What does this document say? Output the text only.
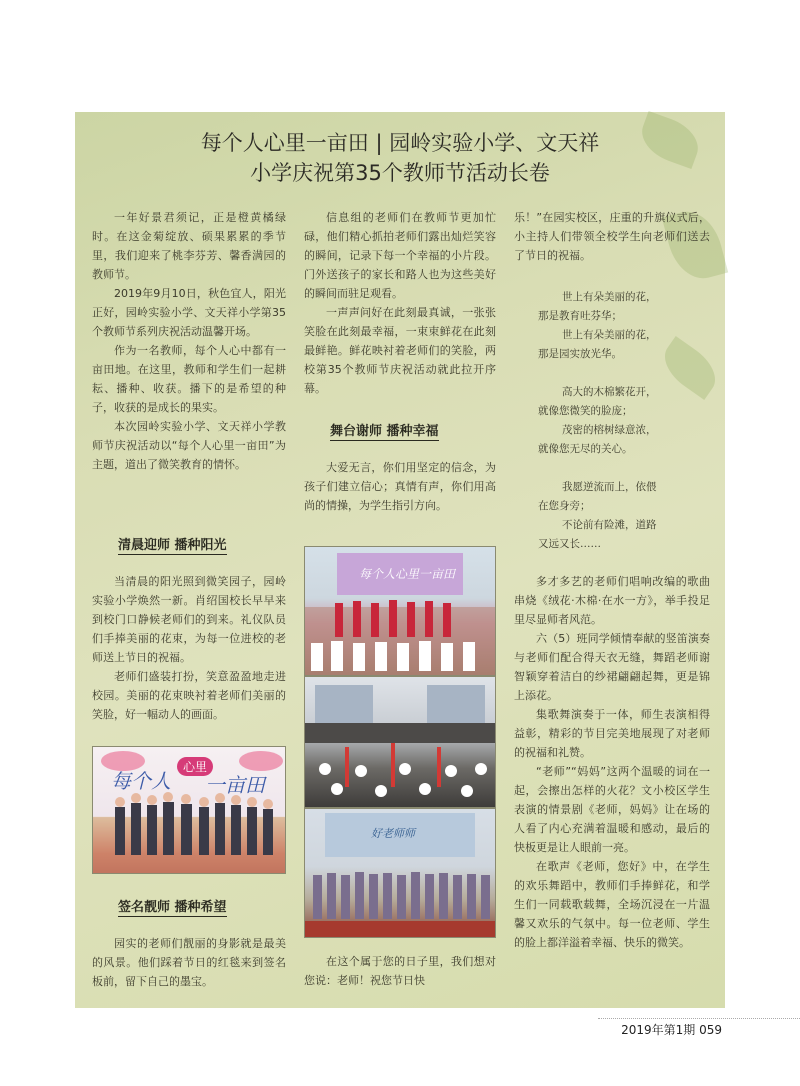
每个人心里一亩田 | 园岭实验小学、文天祥
小学庆祝第35个教师节活动长卷

一年好景君须记，正是橙黄橘绿时。在这金菊绽放、硕果累累的季节里，我们迎来了桃李芬芳、馨香满园的教师节。

2019年9月10日，秋色宜人，阳光正好，园岭实验小学、文天祥小学第35个教师节系列庆祝活动温馨开场。

作为一名教师，每个人心中都有一亩田地。在这里，教师和学生们一起耕耘、播种、收获。播下的是希望的种子，收获的是成长的果实。

本次园岭实验小学、文天祥小学教师节庆祝活动以“每个人心里一亩田”为主题，道出了微笑教育的情怀。

清晨迎师 播种阳光

当清晨的阳光照到微笑园子，园岭实验小学焕然一新。肖绍国校长早早来到校门口静候老师们的到来。礼仪队员们手捧美丽的花束，为每一位进校的老师送上节日的祝福。

老师们盛装打扮，笑意盈盈地走进校园。美丽的花束映衬着老师们美丽的笑脸，好一幅动人的画面。

每个人
心里
一亩田

签名靓师 播种希望

园实的老师们靓丽的身影就是最美的风景。他们踩着节日的红毯来到签名板前，留下自己的墨宝。

信息组的老师们在教师节更加忙碌，他们精心抓拍老师们露出灿烂笑容的瞬间，记录下每一个幸福的小片段。门外送孩子的家长和路人也为这些美好的瞬间而驻足观看。

一声声问好在此刻最真诚，一张张笑脸在此刻最幸福，一束束鲜花在此刻最鲜艳。鲜花映衬着老师们的笑脸，两校第35个教师节庆祝活动就此拉开序幕。

舞台谢师 播种幸福

大爱无言，你们用坚定的信念，为孩子们建立信心；真情有声，你们用高尚的情操，为学生指引方向。

每个人心里一亩田
好老师师

在这个属于您的日子里，我们想对您说：老师！祝您节日快

乐！”在园实校区，庄重的升旗仪式后，小主持人们带领全校学生向老师们送去了节日的祝福。

世上有朵美丽的花，
那是教育吐芬华；
世上有朵美丽的花，
那是园实放光华。

高大的木棉繁花开，
就像您微笑的脸庞；
茂密的榕树绿意浓，
就像您无尽的关心。

我愿逆流而上，依偎
在您身旁；
不论前有险滩，道路
又远又长……

多才多艺的老师们唱响改编的歌曲串烧《绒花·木棉·在水一方》，举手投足里尽显师者风范。

六（5）班同学倾情奉献的竖笛演奏与老师们配合得天衣无缝，舞蹈老师谢智颖穿着洁白的纱裙翩翩起舞，更是锦上添花。

集歌舞演奏于一体，师生表演相得益彰，精彩的节目完美地展现了对老师的祝福和礼赞。

“老师”“妈妈”这两个温暖的词在一起，会擦出怎样的火花？文小校区学生表演的情景剧《老师，妈妈》让在场的人看了内心充满着温暖和感动，最后的快板更是让人眼前一亮。

在歌声《老师，您好》中，在学生的欢乐舞蹈中，教师们手捧鲜花，和学生们一同载歌载舞，全场沉浸在一片温馨又欢乐的气氛中。每一位老师、学生的脸上都洋溢着幸福、快乐的微笑。

2019年第1期 059
